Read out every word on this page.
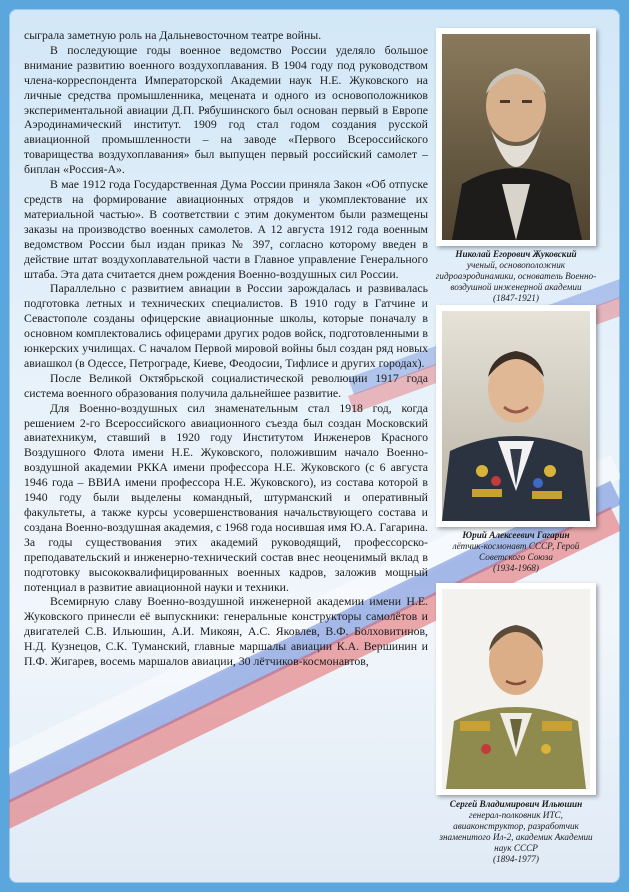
сыграла заметную роль на Дальневосточном театре войны.

В последующие годы военное ведомство России уделяло большое внимание развитию военного воздухоплавания. В 1904 году под руководством члена-корреспондента Императорской Академии наук Н.Е. Жуковского на личные средства промышленника, мецената и одного из основоположников экспериментальной авиации Д.П. Рябушинского был основан первый в Европе Аэродинамический институт. 1909 год стал годом создания русской авиационной промышленности – на заводе «Первого Всероссийского товарищества воздухоплавания» был выпущен первый российский самолет – биплан «Россия-А».

В мае 1912 года Государственная Дума России приняла Закон «Об отпуске средств на формирование авиационных отрядов и укомплектование их материальной частью». В соответствии с этим документом были размещены заказы на производство военных самолетов. А 12 августа 1912 года военным ведомством России был издан приказ № 397, согласно которому введен в действие штат воздухоплавательной части в Главное управление Генерального штаба. Эта дата считается днем рождения Военно-воздушных сил России.

Параллельно с развитием авиации в России зарождалась и развивалась подготовка летных и технических специалистов. В 1910 году в Гатчине и Севастополе созданы офицерские авиационные школы, которые поначалу в основном комплектовались офицерами других родов войск, подготовленными в юнкерских училищах. С началом Первой мировой войны был создан ряд новых авиашкол (в Одессе, Петрограде, Киеве, Феодосии, Тифлисе и других городах).

После Великой Октябрьской социалистической революции 1917 года система военного образования получила дальнейшее развитие.

Для Военно-воздушных сил знаменательным стал 1918 год, когда решением 2-го Всероссийского авиационного съезда был создан Московский авиатехникум, ставший в 1920 году Институтом Инженеров Красного Воздушного Флота имени Н.Е. Жуковского, положившим начало Военно-воздушной академии РККА имени профессора Н.Е. Жуковского (с 6 августа 1946 года – ВВИА имени профессора Н.Е. Жуковского), из состава которой в 1940 году были выделены командный, штурманский и оперативный факультеты, а также курсы усовершенствования начальствующего состава и создана Военно-воздушная академия, с 1968 года носившая имя Ю.А. Гагарина. За годы существования этих академий руководящий, профессорско-преподавательский и инженерно-технический состав внес неоценимый вклад в подготовку высококвалифицированных военных кадров, заложив мощный потенциал в развитие авиационной науки и техники.

Всемирную славу Военно-воздушной инженерной академии имени Н.Е. Жуковского принесли её выпускники: генеральные конструкторы самолётов и двигателей С.В. Ильюшин, А.И. Микоян, А.С. Яковлев, В.Ф. Болховитинов, Н.Д. Кузнецов, С.К. Туманский, главные маршалы авиации К.А. Вершинин и П.Ф. Жигарев, восемь маршалов авиации, 30 лётчиков-космонавтов,

Николай Егорович Жуковский
ученый, основоположник гидроаэродинамики, основатель Военно-воздушной инженерной академии
(1847-1921)
Юрий Алексеевич Гагарин
лётчик-космонавт СССР, Герой Советского Союза
(1934-1968)
Сергей Владимирович Ильюшин
генерал-полковник ИТС, авиаконструктор, разработчик знаменитого Ил-2, академик Академии наук СССР
(1894-1977)
